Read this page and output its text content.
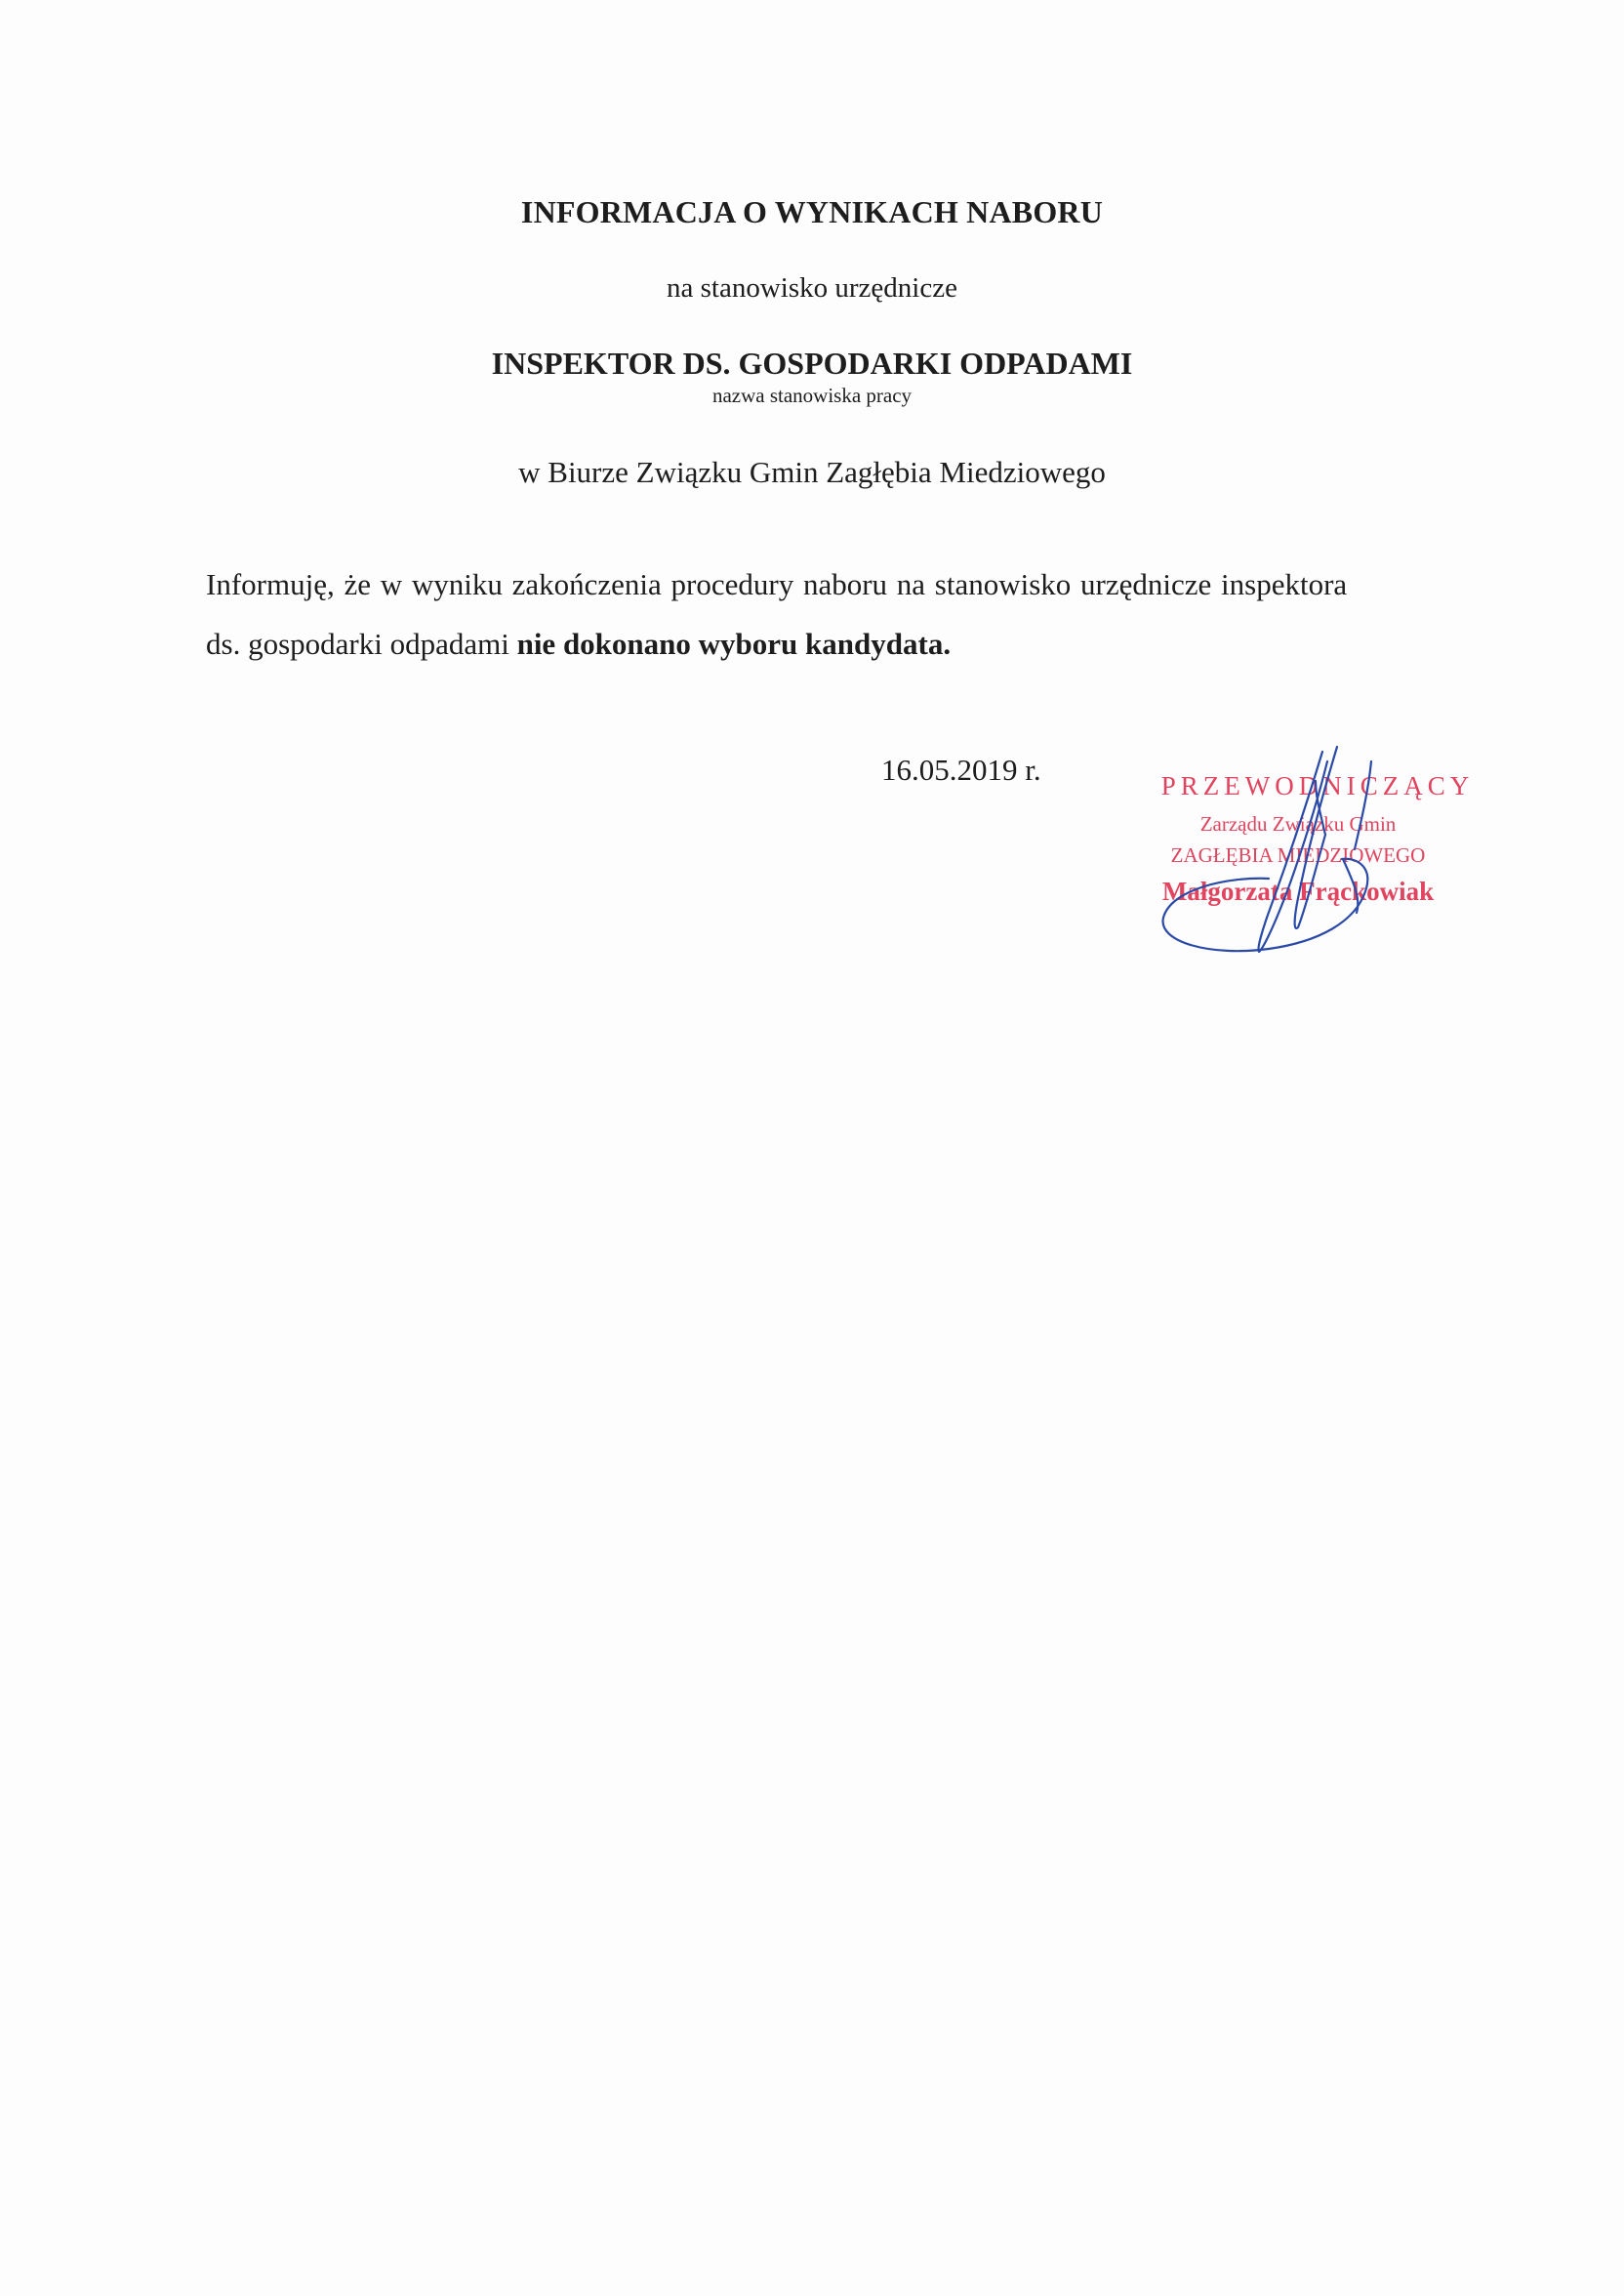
INFORMACJA O WYNIKACH NABORU
na stanowisko urzędnicze
INSPEKTOR DS. GOSPODARKI ODPADAMI
nazwa stanowiska pracy
w Biurze Związku Gmin Zagłębia Miedziowego
Informuję, że w wyniku zakończenia procedury naboru na stanowisko urzędnicze inspektora
ds. gospodarki odpadami nie dokonano wyboru kandydata.
16.05.2019 r.	PRZEWODNICZĄCY
Zarządu Związku Gmin
ZAGŁĘBIA MIEDZIOWEGO
Małgorzata Frąckowiak
